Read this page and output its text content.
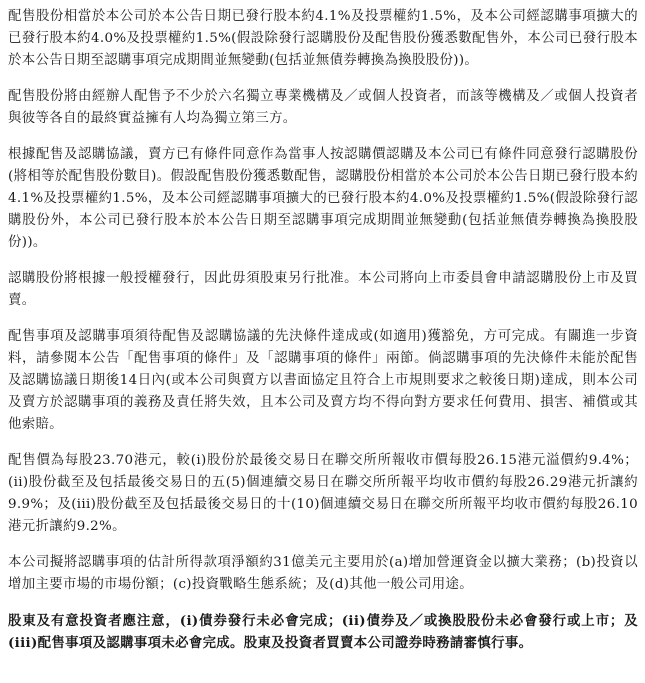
配售股份相當於本公司於本公告日期已發行股本約4.1%及投票權約1.5%，及本公司經認購事項擴大的已發行股本約4.0%及投票權約1.5%(假設除發行認購股份及配售股份獲悉數配售外，本公司已發行股本於本公告日期至認購事項完成期間並無變動(包括並無債券轉換為換股股份))。

配售股份將由經辦人配售予不少於六名獨立專業機構及／或個人投資者，而該等機構及／或個人投資者與彼等各自的最終實益擁有人均為獨立第三方。

根據配售及認購協議，賣方已有條件同意作為當事人按認購價認購及本公司已有條件同意發行認購股份(將相等於配售股份數目)。假設配售股份獲悉數配售，認購股份相當於本公司於本公告日期已發行股本約4.1%及投票權約1.5%，及本公司經認購事項擴大的已發行股本約4.0%及投票權約1.5%(假設除發行認購股份外，本公司已發行股本於本公告日期至認購事項完成期間並無變動(包括並無債券轉換為換股股份))。

認購股份將根據一般授權發行，因此毋須股東另行批准。本公司將向上市委員會申請認購股份上市及買賣。

配售事項及認購事項須待配售及認購協議的先決條件達成或(如適用)獲豁免，方可完成。有關進一步資料，請參閱本公告「配售事項的條件」及「認購事項的條件」兩節。倘認購事項的先決條件未能於配售及認購協議日期後14日內(或本公司與賣方以書面協定且符合上市規則要求之較後日期)達成，則本公司及賣方於認購事項的義務及責任將失效，且本公司及賣方均不得向對方要求任何費用、損害、補償或其他索賠。

配售價為每股23.70港元，較(i)股份於最後交易日在聯交所所報收市價每股26.15港元溢價約9.4%；(ii)股份截至及包括最後交易日的五(5)個連續交易日在聯交所所報平均收市價約每股26.29港元折讓約9.9%；及(iii)股份截至及包括最後交易日的十(10)個連續交易日在聯交所所報平均收市價約每股26.10港元折讓約9.2%。

本公司擬將認購事項的估計所得款項淨額約31億美元主要用於(a)增加營運資金以擴大業務；(b)投資以增加主要市場的市場份額；(c)投資戰略生態系統；及(d)其他一般公司用途。

股東及有意投資者應注意，(i)債券發行未必會完成；(ii)債券及／或換股股份未必會發行或上市；及(iii)配售事項及認購事項未必會完成。股東及投資者買賣本公司證券時務請審慎行事。
